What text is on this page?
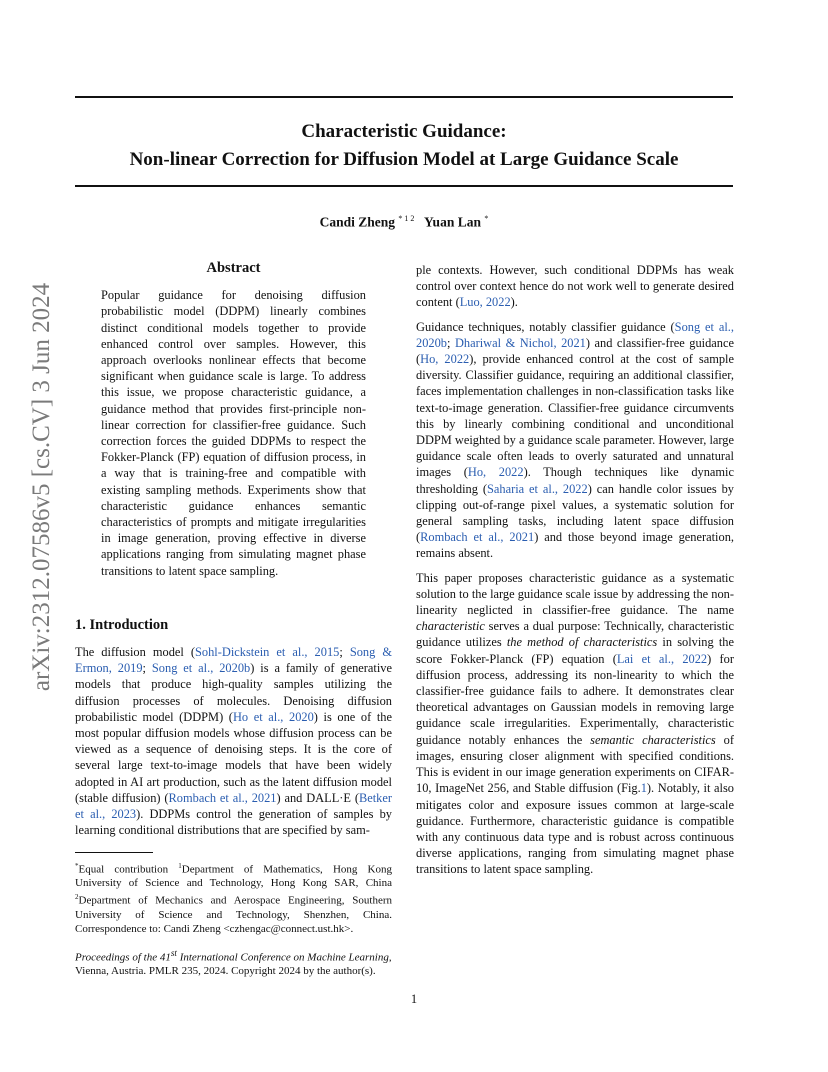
Characteristic Guidance:
Non-linear Correction for Diffusion Model at Large Guidance Scale
Candi Zheng $^{* 1 2}$ Yuan Lan *
arXiv:2312.07586v5 [cs.CV] 3 Jun 2024
Abstract

Popular guidance for denoising diffusion probabilistic model (DDPM) linearly combines distinct conditional models together to provide enhanced control over samples. However, this approach overlooks nonlinear effects that become significant when guidance scale is large. To address this issue, we propose characteristic guidance, a guidance method that provides first-principle non-linear correction for classifier-free guidance. Such correction forces the guided DDPMs to respect the Fokker-Planck (FP) equation of diffusion process, in a way that is training-free and compatible with existing sampling methods. Experiments show that characteristic guidance enhances semantic characteristics of prompts and mitigate irregularities in image generation, proving effective in diverse applications ranging from simulating magnet phase transitions to latent space sampling.

1. Introduction

The diffusion model (Sohl-Dickstein et al., 2015; Song & Ermon, 2019; Song et al., 2020b) is a family of generative models that produce high-quality samples utilizing the diffusion processes of molecules. Denoising diffusion probabilistic model (DDPM) (Ho et al., 2020) is one of the most popular diffusion models whose diffusion process can be viewed as a sequence of denoising steps. It is the core of several large text-to-image models that have been widely adopted in AI art production, such as the latent diffusion model (stable diffusion) (Rombach et al., 2021) and DALL·E (Betker et al., 2023). DDPMs control the generation of samples by learning conditional distributions that are specified by sam-

*Equal contribution $^1$Department of Mathematics, Hong Kong University of Science and Technology, Hong Kong SAR, China $^2$Department of Mechanics and Aerospace Engineering, Southern University of Science and Technology, Shenzhen, China. Correspondence to: Candi Zheng <czhengac@connect.ust.hk>.

Proceedings of the 41st International Conference on Machine Learning, Vienna, Austria. PMLR 235, 2024. Copyright 2024 by the author(s).

ple contexts. However, such conditional DDPMs has weak control over context hence do not work well to generate desired content (Luo, 2022).

Guidance techniques, notably classifier guidance (Song et al., 2020b; Dhariwal & Nichol, 2021) and classifier-free guidance (Ho, 2022), provide enhanced control at the cost of sample diversity. Classifier guidance, requiring an additional classifier, faces implementation challenges in non-classification tasks like text-to-image generation. Classifier-free guidance circumvents this by linearly combining conditional and unconditional DDPM weighted by a guidance scale parameter. However, large guidance scale often leads to overly saturated and unnatural images (Ho, 2022). Though techniques like dynamic thresholding (Saharia et al., 2022) can handle color issues by clipping out-of-range pixel values, a systematic solution for general sampling tasks, including latent space diffusion (Rombach et al., 2021) and those beyond image generation, remains absent.

This paper proposes characteristic guidance as a systematic solution to the large guidance scale issue by addressing the non-linearity neglicted in classifier-free guidance. The name characteristic serves a dual purpose: Technically, characteristic guidance utilizes the method of characteristics in solving the score Fokker-Planck (FP) equation (Lai et al., 2022) for diffusion process, addressing its non-linearity to which the classifier-free guidance fails to adhere. It demonstrates clear theoretical advantages on Gaussian models in removing large guidance scale irregularities. Experimentally, characteristic guidance notably enhances the semantic characteristics of images, ensuring closer alignment with specified conditions. This is evident in our image generation experiments on CIFAR-10, ImageNet 256, and Stable diffusion (Fig.1). Notably, it also mitigates color and exposure issues common at large-scale guidance. Furthermore, characteristic guidance is compatible with any continuous data type and is robust across continuous diverse applications, ranging from simulating magnet phase transitions to latent space sampling.

1
